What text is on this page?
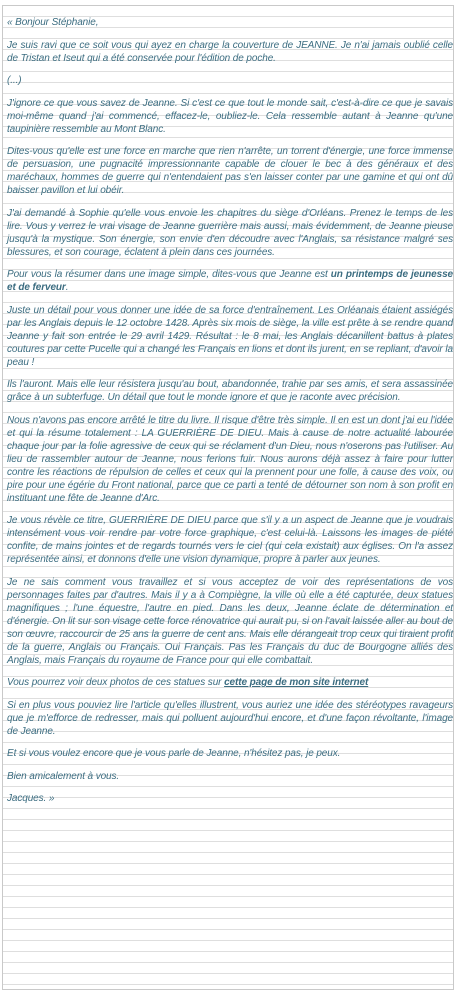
« Bonjour Stéphanie,

Je suis ravi que ce soit vous qui ayez en charge la couverture de JEANNE. Je n'ai jamais oublié celle de Tristan et Iseut qui a été conservée pour l'édition de poche.

(...)

J'ignore ce que vous savez de Jeanne. Si c'est ce que tout le monde sait, c'est-à-dire ce que je savais moi-même quand j'ai commencé, effacez-le, oubliez-le. Cela ressemble autant à Jeanne qu'une taupinière ressemble au Mont Blanc.

Dites-vous qu'elle est une force en marche que rien n'arrête, un torrent d'énergie, une force immense de persuasion, une pugnacité impressionnante capable de clouer le bec à des généraux et des maréchaux, hommes de guerre qui n'entendaient pas s'en laisser conter par une gamine et qui ont dû baisser pavillon et lui obéir.

J'ai demandé à Sophie qu'elle vous envoie les chapitres du siège d'Orléans. Prenez le temps de les lire. Vous y verrez le vrai visage de Jeanne guerrière mais aussi, mais évidemment, de Jeanne pieuse jusqu'à la mystique. Son énergie, son envie d'en découdre avec l'Anglais, sa résistance malgré ses blessures, et son courage, éclatent à plein dans ces journées.

Pour vous la résumer dans une image simple, dites-vous que Jeanne est un printemps de jeunesse et de ferveur.

Juste un détail pour vous donner une idée de sa force d'entraînement. Les Orléanais étaient assiégés par les Anglais depuis le 12 octobre 1428. Après six mois de siège, la ville est prête à se rendre quand Jeanne y fait son entrée le 29 avril 1429. Résultat : le 8 mai, les Anglais décanillent battus à plates coutures par cette Pucelle qui a changé les Français en lions et dont ils jurent, en se repliant, d'avoir la peau !

Ils l'auront. Mais elle leur résistera jusqu'au bout, abandonnée, trahie par ses amis, et sera assassinée grâce à un subterfuge. Un détail que tout le monde ignore et que je raconte avec précision.

Nous n'avons pas encore arrêté le titre du livre. Il risque d'être très simple. Il en est un dont j'ai eu l'idée et qui la résume totalement : LA GUERRIÈRE DE DIEU. Mais à cause de notre actualité labourée chaque jour par la folie agressive de ceux qui se réclament d'un Dieu, nous n'oserons pas l'utiliser. Au lieu de rassembler autour de Jeanne, nous ferions fuir. Nous aurons déjà assez à faire pour lutter contre les réactions de répulsion de celles et ceux qui la prennent pour une folle, à cause des voix, ou pire pour une égérie du Front national, parce que ce parti a tenté de détourner son nom à son profit en instituant une fête de Jeanne d'Arc.

Je vous révèle ce titre, GUERRIÈRE DE DIEU parce que s'il y a un aspect de Jeanne que je voudrais intensément vous voir rendre par votre force graphique, c'est celui-là. Laissons les images de piété confite, de mains jointes et de regards tournés vers le ciel (qui cela existait) aux églises. On l'a assez représentée ainsi, et donnons d'elle une vision dynamique, propre à parler aux jeunes.

Je ne sais comment vous travaillez et si vous acceptez de voir des représentations de vos personnages faites par d'autres. Mais il y a à Compiègne, la ville où elle a été capturée, deux statues magnifiques ; l'une équestre, l'autre en pied. Dans les deux, Jeanne éclate de détermination et d'énergie. On lit sur son visage cette force rénovatrice qui aurait pu, si on l'avait laissée aller au bout de son œuvre, raccourcir de 25 ans la guerre de cent ans. Mais elle dérangeait trop ceux qui tiraient profit de la guerre, Anglais ou Français. Oui Français. Pas les Français du duc de Bourgogne alliés des Anglais, mais Français du royaume de France pour qui elle combattait.

Vous pourrez voir deux photos de ces statues sur cette page de mon site internet

Si en plus vous pouviez lire l'article qu'elles illustrent, vous auriez une idée des stéréotypes ravageurs que je m'efforce de redresser, mais qui polluent aujourd'hui encore, et d'une façon révoltante, l'image de Jeanne.

Et si vous voulez encore que je vous parle de Jeanne, n'hésitez pas, je peux.

Bien amicalement à vous.

Jacques. »
